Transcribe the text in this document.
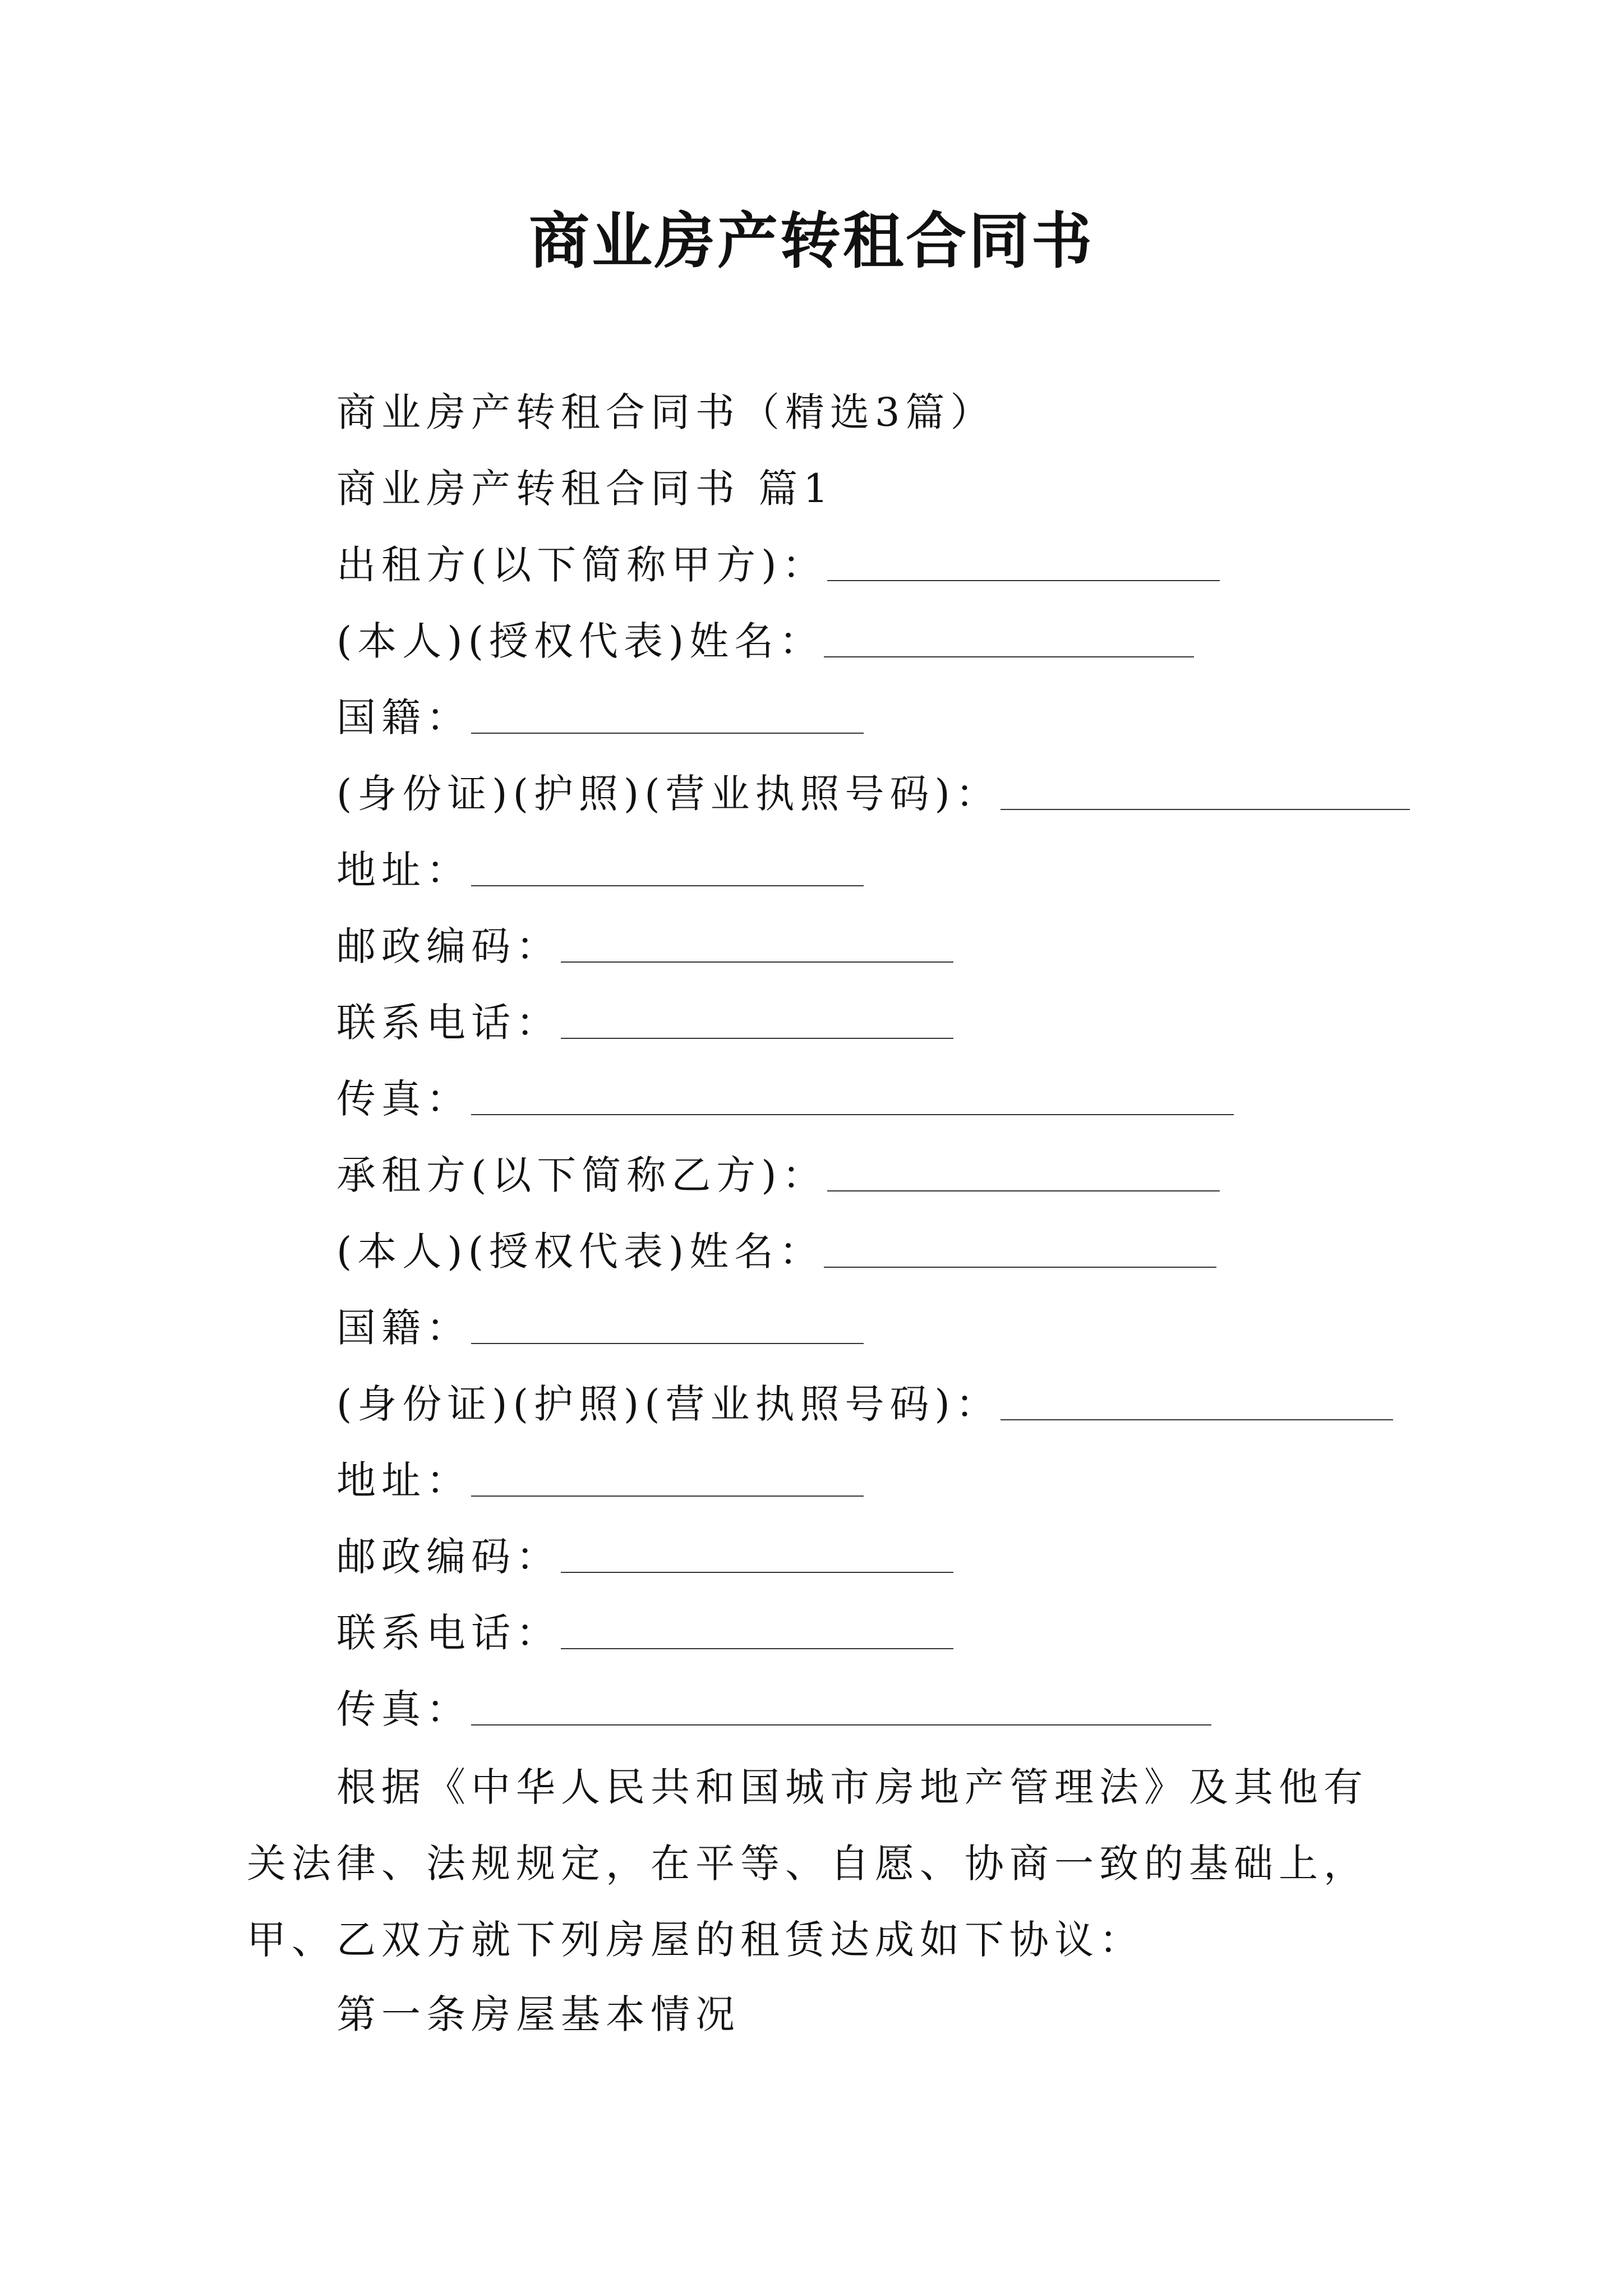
商业房产转租合同书
商业房产转租合同书（精选3篇）
商业房产转租合同书 篇1
出租方(以下简称甲方)：
(本人)(授权代表)姓名：
国籍：
(身份证)(护照)(营业执照号码)：
地址：
邮政编码：
联系电话：
传真：
承租方(以下简称乙方)：
(本人)(授权代表)姓名：
国籍：
(身份证)(护照)(营业执照号码)：
地址：
邮政编码：
联系电话：
传真：
根据《中华人民共和国城市房地产管理法》及其他有关法律、法规规定，在平等、自愿、协商一致的基础上，甲、乙双方就下列房屋的租赁达成如下协议：
第一条房屋基本情况
